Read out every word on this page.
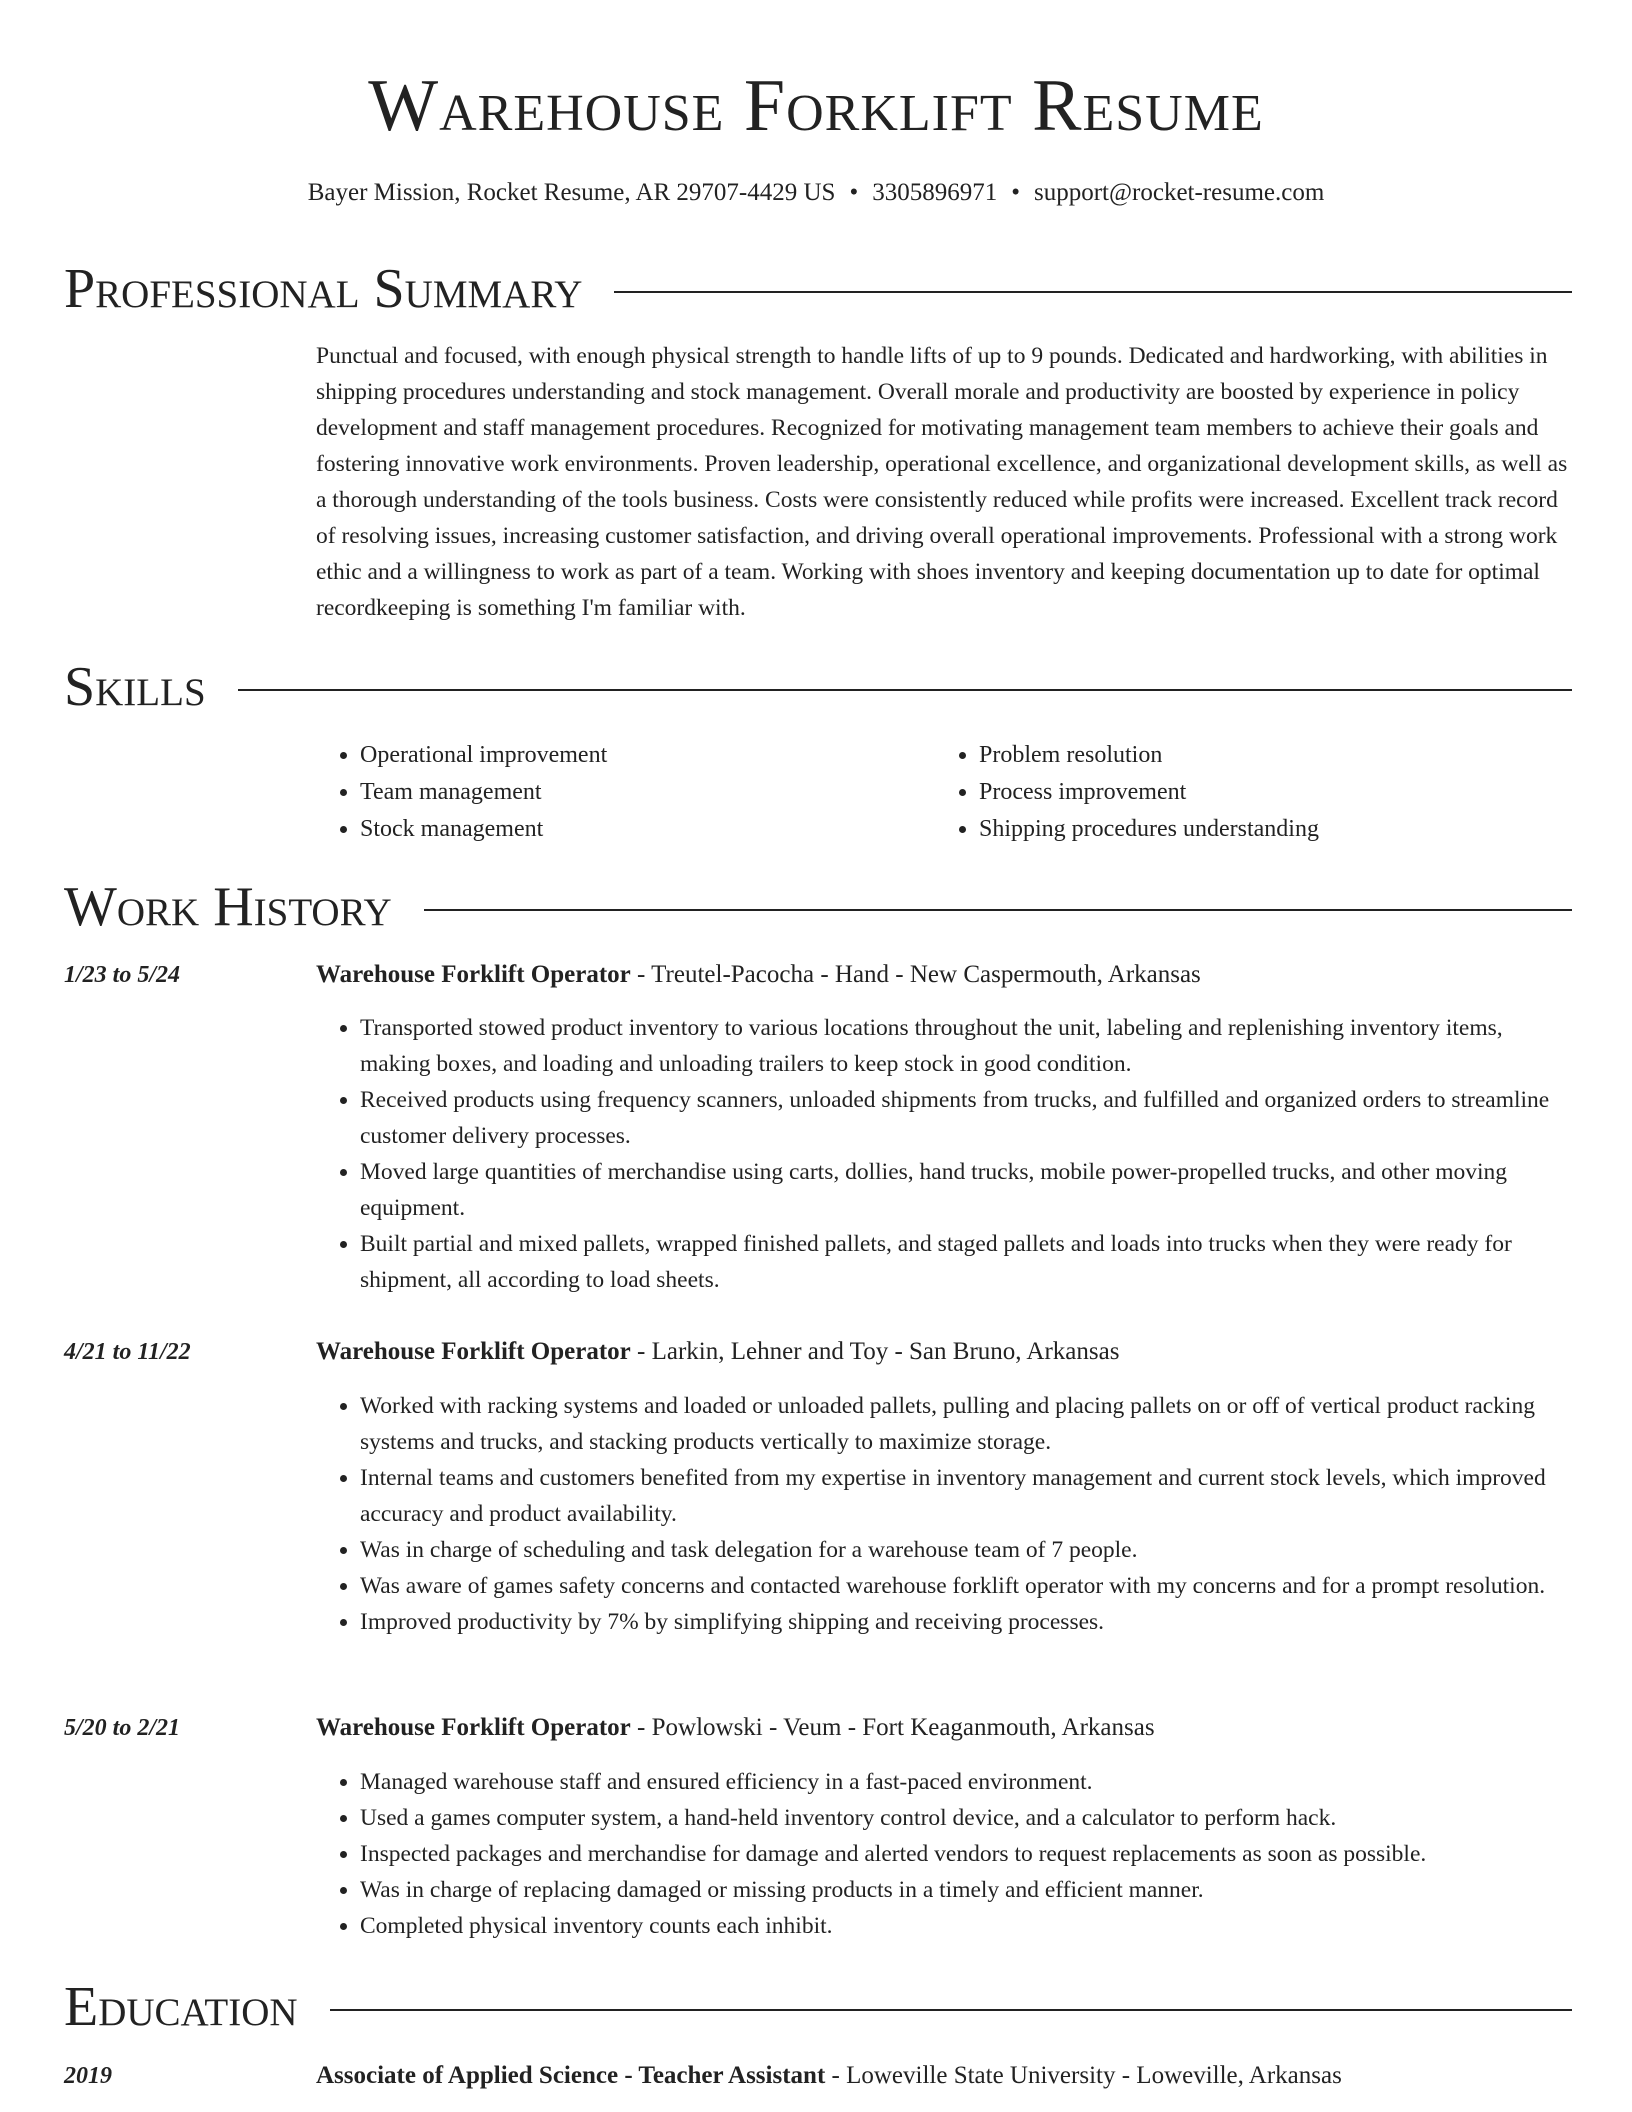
Warehouse Forklift Resume
Bayer Mission, Rocket Resume, AR 29707-4429 US • 3305896971 • support@rocket-resume.com
Professional Summary

Punctual and focused, with enough physical strength to handle lifts of up to 9 pounds. Dedicated and hardworking, with abilities in shipping procedures understanding and stock management. Overall morale and productivity are boosted by experience in policy development and staff management procedures. Recognized for motivating management team members to achieve their goals and fostering innovative work environments. Proven leadership, operational excellence, and organizational development skills, as well as a thorough understanding of the tools business. Costs were consistently reduced while profits were increased. Excellent track record of resolving issues, increasing customer satisfaction, and driving overall operational improvements. Professional with a strong work ethic and a willingness to work as part of a team. Working with shoes inventory and keeping documentation up to date for optimal recordkeeping is something I'm familiar with.

Skills
• Operational improvement
• Team management
• Stock management
• Problem resolution
• Process improvement
• Shipping procedures understanding
Work History
1/23 to 5/24	Warehouse Forklift Operator - Treutel-Pacocha - Hand - New Caspermouth, Arkansas
• Transported stowed product inventory to various locations throughout the unit, labeling and replenishing inventory items, making boxes, and loading and unloading trailers to keep stock in good condition.
• Received products using frequency scanners, unloaded shipments from trucks, and fulfilled and organized orders to streamline customer delivery processes.
• Moved large quantities of merchandise using carts, dollies, hand trucks, mobile power-propelled trucks, and other moving equipment.
• Built partial and mixed pallets, wrapped finished pallets, and staged pallets and loads into trucks when they were ready for shipment, all according to load sheets.
4/21 to 11/22	Warehouse Forklift Operator - Larkin, Lehner and Toy - San Bruno, Arkansas
• Worked with racking systems and loaded or unloaded pallets, pulling and placing pallets on or off of vertical product racking systems and trucks, and stacking products vertically to maximize storage.
• Internal teams and customers benefited from my expertise in inventory management and current stock levels, which improved accuracy and product availability.
• Was in charge of scheduling and task delegation for a warehouse team of 7 people.
• Was aware of games safety concerns and contacted warehouse forklift operator with my concerns and for a prompt resolution.
• Improved productivity by 7% by simplifying shipping and receiving processes.
5/20 to 2/21	Warehouse Forklift Operator - Powlowski - Veum - Fort Keaganmouth, Arkansas
• Managed warehouse staff and ensured efficiency in a fast-paced environment.
• Used a games computer system, a hand-held inventory control device, and a calculator to perform hack.
• Inspected packages and merchandise for damage and alerted vendors to request replacements as soon as possible.
• Was in charge of replacing damaged or missing products in a timely and efficient manner.
• Completed physical inventory counts each inhibit.
Education
2019	Associate of Applied Science - Teacher Assistant - Loweville State University - Loweville, Arkansas
